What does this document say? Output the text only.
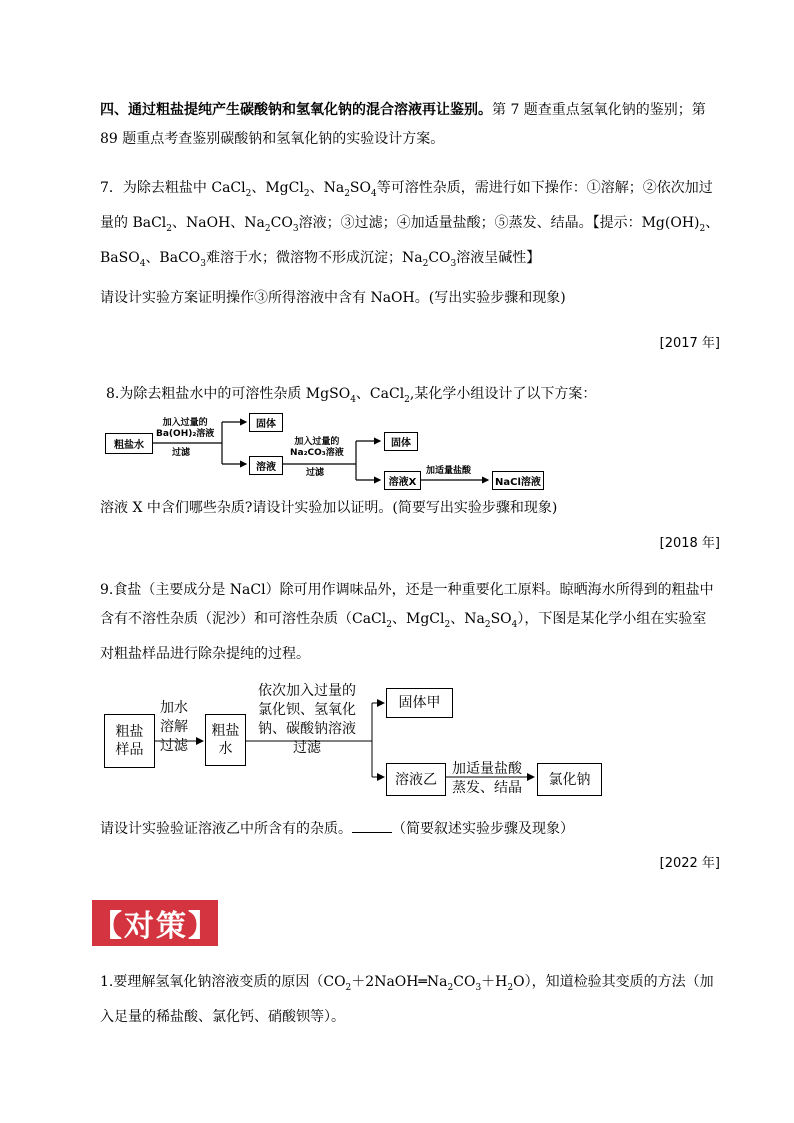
四、通过粗盐提纯产生碳酸钠和氢氧化钠的混合溶液再让鉴别。第 7 题查重点氢氧化钠的鉴别；第 89 题重点考查鉴别碳酸钠和氢氧化钠的实验设计方案。

7．为除去粗盐中 CaCl$_2$、MgCl$_2$、$Na_2SO_4$等可溶性杂质，需进行如下操作：①溶解；②依次加过量的 BaCl$_2$、NaOH、$Na_2CO_3$溶液；③过滤；④加适量盐酸；⑤蒸发、结晶。【提示：$Mg(OH)_2$、BaSO$_4$、BaCO$_3$难溶于水；微溶物不形成沉淀；$Na_2CO_3$溶液呈碱性】

请设计实验方案证明操作③所得溶液中含有 NaOH。(写出实验步骤和现象)

[2017 年]

8.为除去粗盐水中的可溶性杂质 MgSO$_4$、CaCl$_2$,某化学小组设计了以下方案：

粗盐水
加入过量的
Ba(OH)₂溶液
过滤
固体
溶液
加入过量的
Na₂CO₃溶液
过滤
固体
溶液X
加适量盐酸
NaCl溶液

溶液 X 中含们哪些杂质?请设计实验加以证明。(简要写出实验步骤和现象)

[2018 年]

9.食盐（主要成分是 NaCl）除可用作调味品外，还是一种重要化工原料。晾晒海水所得到的粗盐中含有不溶性杂质（泥沙）和可溶性杂质（CaCl$_2$、MgCl$_2$、$Na_2SO_4$），下图是某化学小组在实验室对粗盐样品进行除杂提纯的过程。

粗盐样品
加水
溶解
过滤
粗盐水
依次加入过量的
氯化钡、氢氧化
钠、碳酸钠溶液
过滤
固体甲
溶液乙
加适量盐酸
蒸发、结晶
氯化钠

请设计实验验证溶液乙中所含有的杂质。	（简要叙述实验步骤及现象）

[2022 年]
【对策】

1.要理解氢氧化钠溶液变质的原因$(CO_2+2NaOH═Na_2CO_3+H_2O)$，知道检验其变质的方法（加入足量的稀盐酸、氯化钙、硝酸钡等）。
